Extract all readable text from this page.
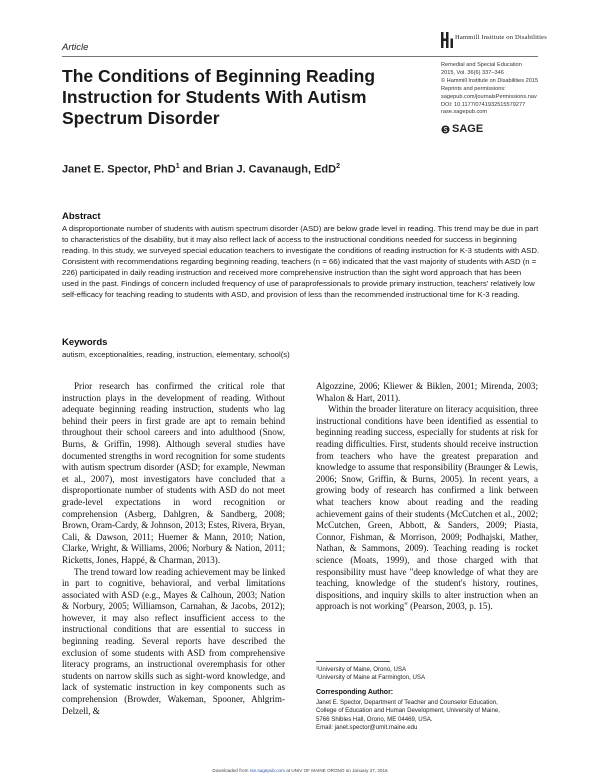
Article
Hammill Institute on Disabilities
Remedial and Special Education
2015, Vol. 36(6) 337–346
© Hammill Institute on Disabilities 2015
Reprints and permissions:
sagepub.com/journalsPermissions.nav
DOI: 10.1177/0741932515579277
rase.sagepub.com
SAGE
The Conditions of Beginning Reading Instruction for Students With Autism Spectrum Disorder
Janet E. Spector, PhD$^1$ and Brian J. Cavanaugh, EdD$^2$
Abstract
A disproportionate number of students with autism spectrum disorder (ASD) are below grade level in reading. This trend may be due in part to characteristics of the disability, but it may also reflect lack of access to the instructional conditions needed for success in beginning reading. In this study, we surveyed special education teachers to investigate the conditions of reading instruction for K-3 students with ASD. Consistent with recommendations regarding beginning reading, teachers (n = 66) indicated that the vast majority of students with ASD (n = 226) participated in daily reading instruction and received more comprehensive instruction than the sight word approach that has been used in the past. Findings of concern included frequency of use of paraprofessionals to provide primary instruction, teachers' relatively low self-efficacy for teaching reading to students with ASD, and provision of less than the recommended instructional time for K-3 reading.
Keywords
autism, exceptionalities, reading, instruction, elementary, school(s)

Prior research has confirmed the critical role that instruction plays in the development of reading. Without adequate beginning reading instruction, students who lag behind their peers in first grade are apt to remain behind throughout their school careers and into adulthood (Snow, Burns, & Griffin, 1998). Although several studies have documented strengths in word recognition for some students with autism spectrum disorder (ASD; for example, Newman et al., 2007), most investigators have concluded that a disproportionate number of students with ASD do not meet grade-level expectations in word recognition or comprehension (Asberg, Dahlgren, & Sandberg, 2008; Brown, Oram-Cardy, & Johnson, 2013; Estes, Rivera, Bryan, Cali, & Dawson, 2011; Huemer & Mann, 2010; Nation, Clarke, Wright, & Williams, 2006; Norbury & Nation, 2011; Ricketts, Jones, Happé, & Charman, 2013).

The trend toward low reading achievement may be linked in part to cognitive, behavioral, and verbal limitations associated with ASD (e.g., Mayes & Calhoun, 2003; Nation & Norbury, 2005; Williamson, Carnahan, & Jacobs, 2012); however, it may also reflect insufficient access to the instructional conditions that are essential to success in beginning reading. Several reports have described the exclusion of some students with ASD from comprehensive literacy programs, an instructional overemphasis for other students on narrow skills such as sight-word knowledge, and lack of systematic instruction in key components such as comprehension (Browder, Wakeman, Spooner, Ahlgrim-Delzell, &

Algozzine, 2006; Kliewer & Biklen, 2001; Mirenda, 2003; Whalon & Hart, 2011).

Within the broader literature on literacy acquisition, three instructional conditions have been identified as essential to beginning reading success, especially for students at risk for reading difficulties. First, students should receive instruction from teachers who have the greatest preparation and knowledge to assume that responsibility (Braunger & Lewis, 2006; Snow, Griffin, & Burns, 2005). In recent years, a growing body of research has confirmed a link between what teachers know about reading and the reading achievement gains of their students (McCutchen et al., 2002; McCutchen, Green, Abbott, & Sanders, 2009; Piasta, Connor, Fishman, & Morrison, 2009; Podhajski, Mather, Nathan, & Sammons, 2009). Teaching reading is rocket science (Moats, 1999), and those charged with that responsibility must have "deep knowledge of what they are teaching, knowledge of the student's history, routines, dispositions, and inquiry skills to alter instruction when an approach is not working" (Pearson, 2003, p. 15).

¹University of Maine, Orono, USA
²University of Maine at Farmington, USA
Corresponding Author:
Janet E. Spector, Department of Teacher and Counselor Education,
College of Education and Human Development, University of Maine,
5766 Shibles Hall, Orono, ME 04469, USA.
Email: janet.spector@umit.maine.edu
Downloaded from rse.sagepub.com at UNIV OF MAINE ORONO on January 27, 2016
